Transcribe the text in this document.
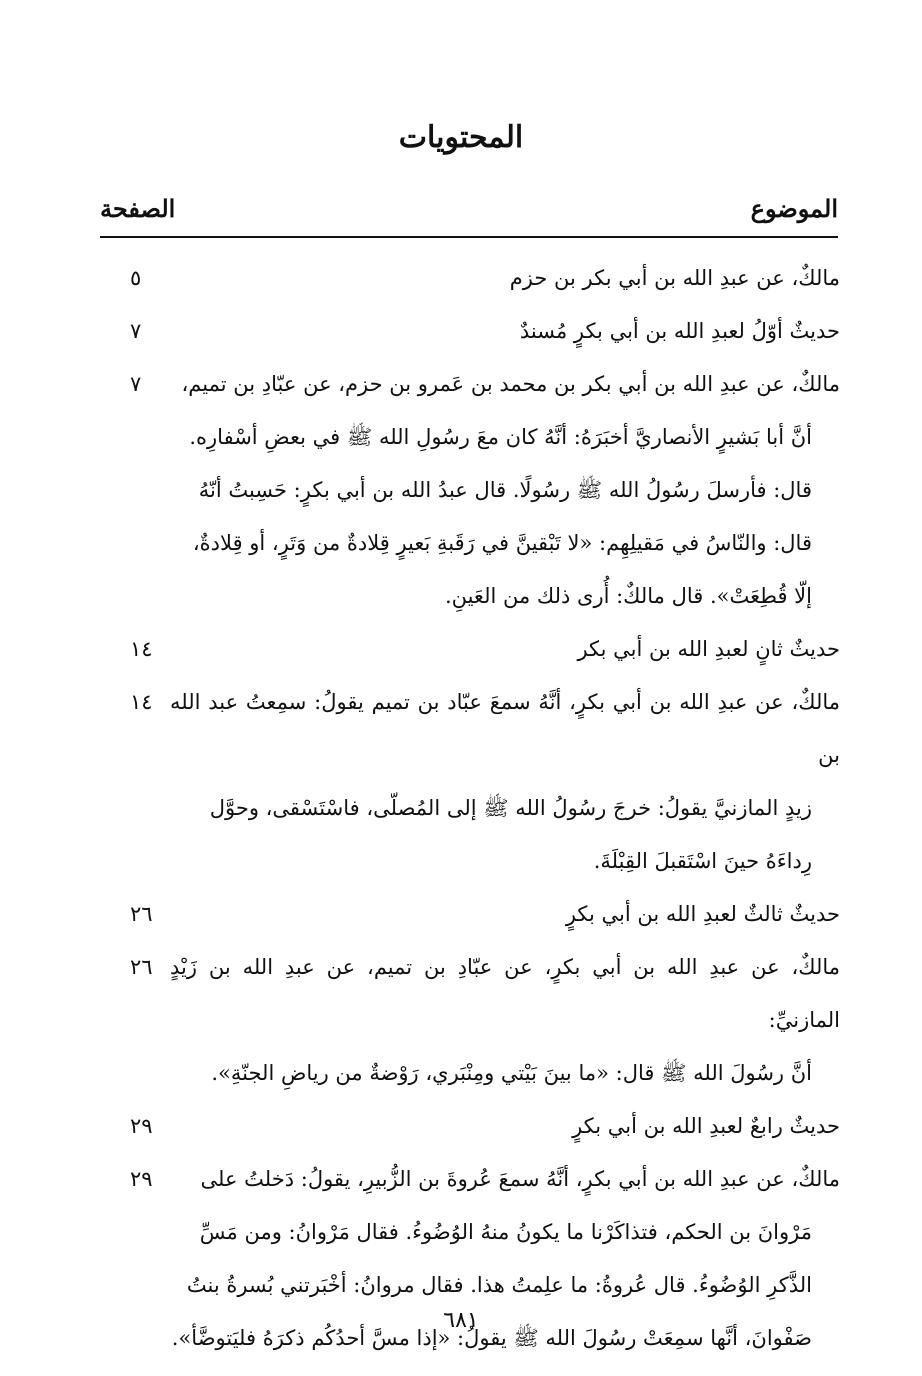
المحتويات
الموضوع
الصفحة
مالكٌ، عن عبدِ الله بن أبي بكر بن حزم
٥
حديثٌ أوّلُ لعبدِ الله بن أبي بكرٍ مُسندٌ
٧
مالكٌ، عن عبدِ الله بن أبي بكر بن محمد بن عَمرو بن حزم، عن عبّادِ بن تميم،
٧
أنَّ أبا بَشيرٍ الأنصاريَّ أخبَرَهُ: أنَّهُ كان معَ رسُولِ الله ﷺ في بعضِ أسْفارِه.
قال: فأرسلَ رسُولُ الله ﷺ رسُولًا. قال عبدُ الله بن أبي بكرٍ: حَسِبتُ أنّهُ
قال: والنّاسُ في مَقيلِهِم: «لا تَبْقينَّ في رَقَبةِ بَعيرٍ قِلادةٌ من وَتَرٍ، أو قِلادةٌ،
إلّا قُطِعَتْ». قال مالكٌ: أُرى ذلك من العَينِ.
حديثٌ ثانٍ لعبدِ الله بن أبي بكر
١٤
مالكٌ، عن عبدِ الله بن أبي بكرٍ، أنَّهُ سمعَ عبّاد بن تميم يقولُ: سمِعتُ عبد الله بن
١٤
زيدٍ المازنيَّ يقولُ: خرجَ رسُولُ الله ﷺ إلى المُصلّى، فاسْتَسْقى، وحوَّل
رِداءَهُ حينَ اسْتَقبلَ القِبْلَةَ.
حديثٌ ثالثٌ لعبدِ الله بن أبي بكرٍ
٢٦
مالكٌ، عن عبدِ الله بن أبي بكرٍ، عن عبّادِ بن تميم، عن عبدِ الله بن زَيْدٍ المازنيِّ:
٢٦
أنَّ رسُولَ الله ﷺ قال: «ما بينَ بَيْتي ومِنْبَري، رَوْضةٌ من رياضِ الجنّةِ».
حديثٌ رابعٌ لعبدِ الله بن أبي بكرٍ
٢٩
مالكٌ، عن عبدِ الله بن أبي بكرٍ، أنَّهُ سمعَ عُروةَ بن الزُّبيرِ، يقولُ: دَخلتُ على
٢٩
مَرْوانَ بن الحكم، فتذاكَرْنا ما يكونُ منهُ الوُضُوءُ. فقال مَرْوانُ: ومن مَسِّ
الذَّكرِ الوُضُوءُ. قال عُروةُ: ما علِمتُ هذا. فقال مروانُ: أخْبَرتني بُسرةُ بنتُ
صَفْوانَ، أنَّها سمِعَتْ رسُولَ الله ﷺ يقولُ: «إذا مسَّ أحدُكُم ذكرَهُ فليَتوضَّأ».
٦٨١
